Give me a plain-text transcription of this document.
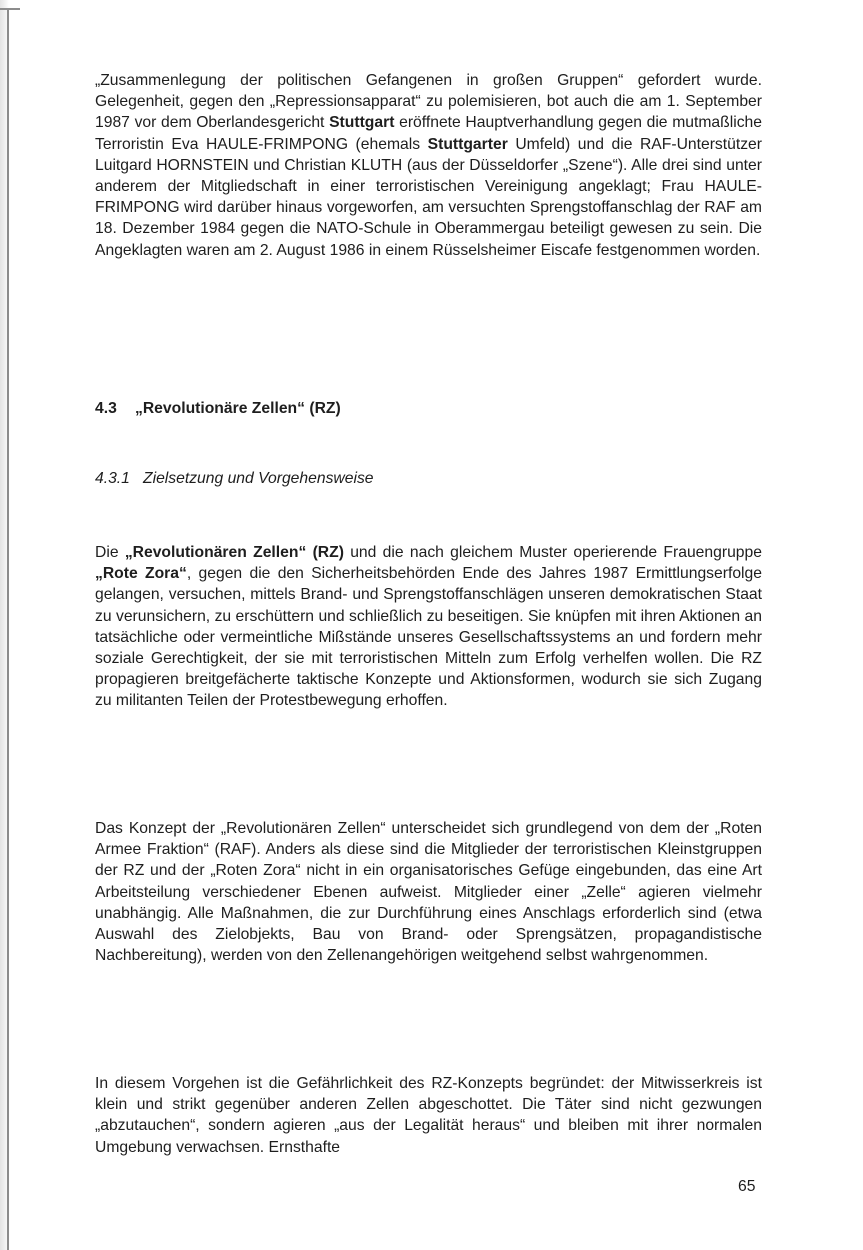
„Zusammenlegung der politischen Gefangenen in großen Gruppen“ gefordert wurde. Gelegenheit, gegen den „Repressionsapparat“ zu polemisieren, bot auch die am 1. September 1987 vor dem Oberlandesgericht Stuttgart eröffnete Hauptverhandlung gegen die mutmaßliche Terroristin Eva HAULE-FRIMPONG (ehemals Stuttgarter Umfeld) und die RAF-Unterstützer Luitgard HORNSTEIN und Christian KLUTH (aus der Düsseldorfer „Szene“). Alle drei sind unter anderem der Mitgliedschaft in einer terroristischen Vereinigung angeklagt; Frau HAULE-FRIMPONG wird darüber hinaus vorgeworfen, am versuchten Sprengstoffanschlag der RAF am 18. Dezember 1984 gegen die NATO-Schule in Oberammergau beteiligt gewesen zu sein. Die Angeklagten waren am 2. August 1986 in einem Rüsselsheimer Eiscafe festgenommen worden.

4.3 „Revolutionäre Zellen“ (RZ)
4.3.1 Zielsetzung und Vorgehensweise

Die „Revolutionären Zellen“ (RZ) und die nach gleichem Muster operierende Frauengruppe „Rote Zora“, gegen die den Sicherheitsbehörden Ende des Jahres 1987 Ermittlungserfolge gelangen, versuchen, mittels Brand- und Sprengstoffanschlägen unseren demokratischen Staat zu verunsichern, zu erschüttern und schließlich zu beseitigen. Sie knüpfen mit ihren Aktionen an tatsächliche oder vermeintliche Mißstände unseres Gesellschaftssystems an und fordern mehr soziale Gerechtigkeit, der sie mit terroristischen Mitteln zum Erfolg verhelfen wollen. Die RZ propagieren breitgefächerte taktische Konzepte und Aktionsformen, wodurch sie sich Zugang zu militanten Teilen der Protestbewegung erhoffen.

Das Konzept der „Revolutionären Zellen“ unterscheidet sich grundlegend von dem der „Roten Armee Fraktion“ (RAF). Anders als diese sind die Mitglieder der terroristischen Kleinstgruppen der RZ und der „Roten Zora“ nicht in ein organisatorisches Gefüge eingebunden, das eine Art Arbeitsteilung verschiedener Ebenen aufweist. Mitglieder einer „Zelle“ agieren vielmehr unabhängig. Alle Maßnahmen, die zur Durchführung eines Anschlags erforderlich sind (etwa Auswahl des Zielobjekts, Bau von Brand- oder Sprengsätzen, propagandistische Nachbereitung), werden von den Zellenangehörigen weitgehend selbst wahrgenommen.

In diesem Vorgehen ist die Gefährlichkeit des RZ-Konzepts begründet: der Mitwisserkreis ist klein und strikt gegenüber anderen Zellen abgeschottet. Die Täter sind nicht gezwungen „abzutauchen“, sondern agieren „aus der Legalität heraus“ und bleiben mit ihrer normalen Umgebung verwachsen. Ernsthafte

65
